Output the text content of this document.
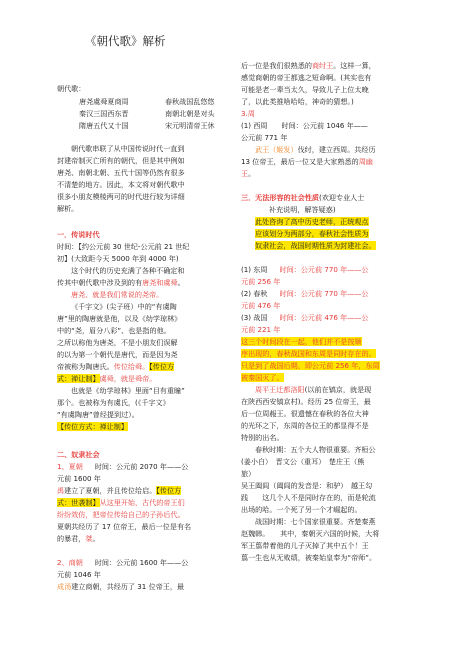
《朝代歌》解析
朝代歌：
唐尧虞舜夏商周	春秋战国乱悠悠
秦汉三国西东晋	南朝北朝是对头
隋唐五代又十国	宋元明清帝王休
朝代歌串联了从中国传说时代一直到
封建帝制灭亡所有的朝代，但是其中例如
唐尧、南朝北朝、五代十国等仍然有很多
不清楚的地方。因此，本文将对朝代歌中
很多小朋友模棱两可的时代进行较为详细
解析。
一．传说时代
时间：【约公元前 30 世纪-公元前 21 世纪
初】(大致距今天 5000 年到 4000 年)
这个时代的历史充满了各种不确定和
传其中朝代歌中涉及到的有唐尧和虞舜。
唐尧、就是我们常说的尧帝。
《千字文》(尖子班）中的“有虞陶
唐”里的陶唐就是他，以及《幼学琼林》
中的“尧，眉分八彩”、也是指的他。
之所以称他为唐尧，不是小朋友们误解
的以为第一个朝代是唐代，而是因为尧
帝被称为陶唐氏。传位给舜。【传位方
式：禅让制】虞舜，就是舜帝。
也就是《幼学琼林》里面“目有重瞳”
那个。也被称为有虞氏，(《千字文》
“有虞陶唐”曾经提到过）。
【传位方式：禅让制】
二、奴隶社会
1、夏朝 时间：公元前 2070 年——公
元前 1600 年
禹建立了夏朝，并且传位给启。【传位方
式：世袭制】从这里开始，古代的帝王们
纷纷效仿，把帝位传给自己的子孙后代。
夏朝共经历了 17 位帝王，最后一位是有名
的暴君，桀。
2、商朝 时间：公元前 1600 年——公
元前 1046 年
成汤建立商朝，共经历了 31 位帝王，最
后一位是我们很熟悉的商纣王。这样一算，
感觉商朝的帝王都逃之短命啊。(其实也有
可能是老一辈当太久，导致儿子上位太晚
了，以此类推啥哈哈，神奇的猜想。)
3.周
(1) 西周 时间：公元前 1046 年——
公元前 771 年
武王（姬发）伐纣，建立西周。共经历
13 位帝王，最后一位又是大家熟悉的周幽
王。
三．无法形容的社会性质(欢迎专业人士
补充说明，解答疑惑)
此处咨询了高中历史老师，正统观点
应该划分为两部分，春秋社会性质为
奴隶社会，战国时期性质为封建社会。
(1) 东周 时间：公元前 770 年——公
元前 256 年
(2) 春秋 时间：公元前 770 年——公
元前 476 年
(3) 战国 时间：公元前 476 年——公
元前 221 年
这三个时间段在一起，他们并不是按顺
序出现的，春秋战国和东周是同时存在的。
只是到了战国后期，即公元前 256 年，东周
被秦国灭了。
周平王迁都洛阳(以前在镐京，就是现
在陕西西安镐京村)。经历 25 位帝王，最
后一位周赧王。很遗憾在春秋的各位大神
的光环之下，东周的各位王的都显得不是
特别的出名。
春秋时期：五个大人物很重要。齐桓公
(姜小白）　晋文公（重耳）　楚庄王（熊
旅）
吴王阖闾（阖闾的发音是：和驴）　越王勾
践　　这几个人不是同时存在的，而是轮流
出场的哈。一个死了另一个才崛起的。
战国时期：七个国家很重要。齐楚秦燕
赵魏韩。　　其中，秦朝灭六国的时候，大将
军王翦带着他的儿子灭掉了其中五个！王
翦一生也从无败绩，被秦始皇奉为“帝师”。
